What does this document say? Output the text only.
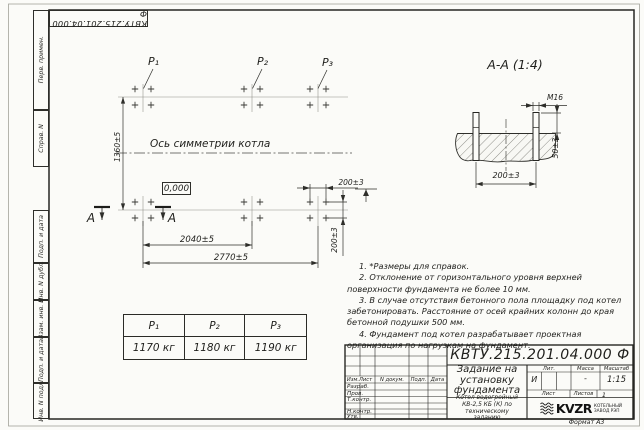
Перв. примен.
Справ. N
Подп. и дата
Инв. N дубл.
Взам. инв. N
Подп. и дата
Инв. N подл.
КВТУ.215.201.04.000 Ф
P₁	P₂	P₃
Ось симметрии котла
0,000
1360±5
2040±5
2770±5
200±3
200±3
А	А
А-А (1:4)
М16
50±3
200±3

1. *Размеры для справок.

2. Отклонение от горизонтального уровня верхней поверхности фундамента не более 10 мм.

3. В случае отсутствия бетонного пола площадку под котел забетонировать. Расстояние от осей крайних колонн до края бетонной подушки 500 мм.

4. Фундамент под котел разрабатывает проектная организация по нагрузкам на фундамент.

P₁	P₂	P₃
1170 кг	1180 кг	1190 кг	КВТУ.215.201.04.000 Ф
Задание на установку фундамента
Котел водогрейный КВ-2,5 КБ (К) по техническому заданию
Изм.Лист	N докум.	Подп. Дата
Разраб.
Пров.
Т.контр.
Н.контр.
Утв.
Лит.	Масса	Масштаб
И	-	1:15
Лист	Листов	1
KVZR КОТЕЛЬНЫЙ
ЗАВОД РЭП
Формат А3
